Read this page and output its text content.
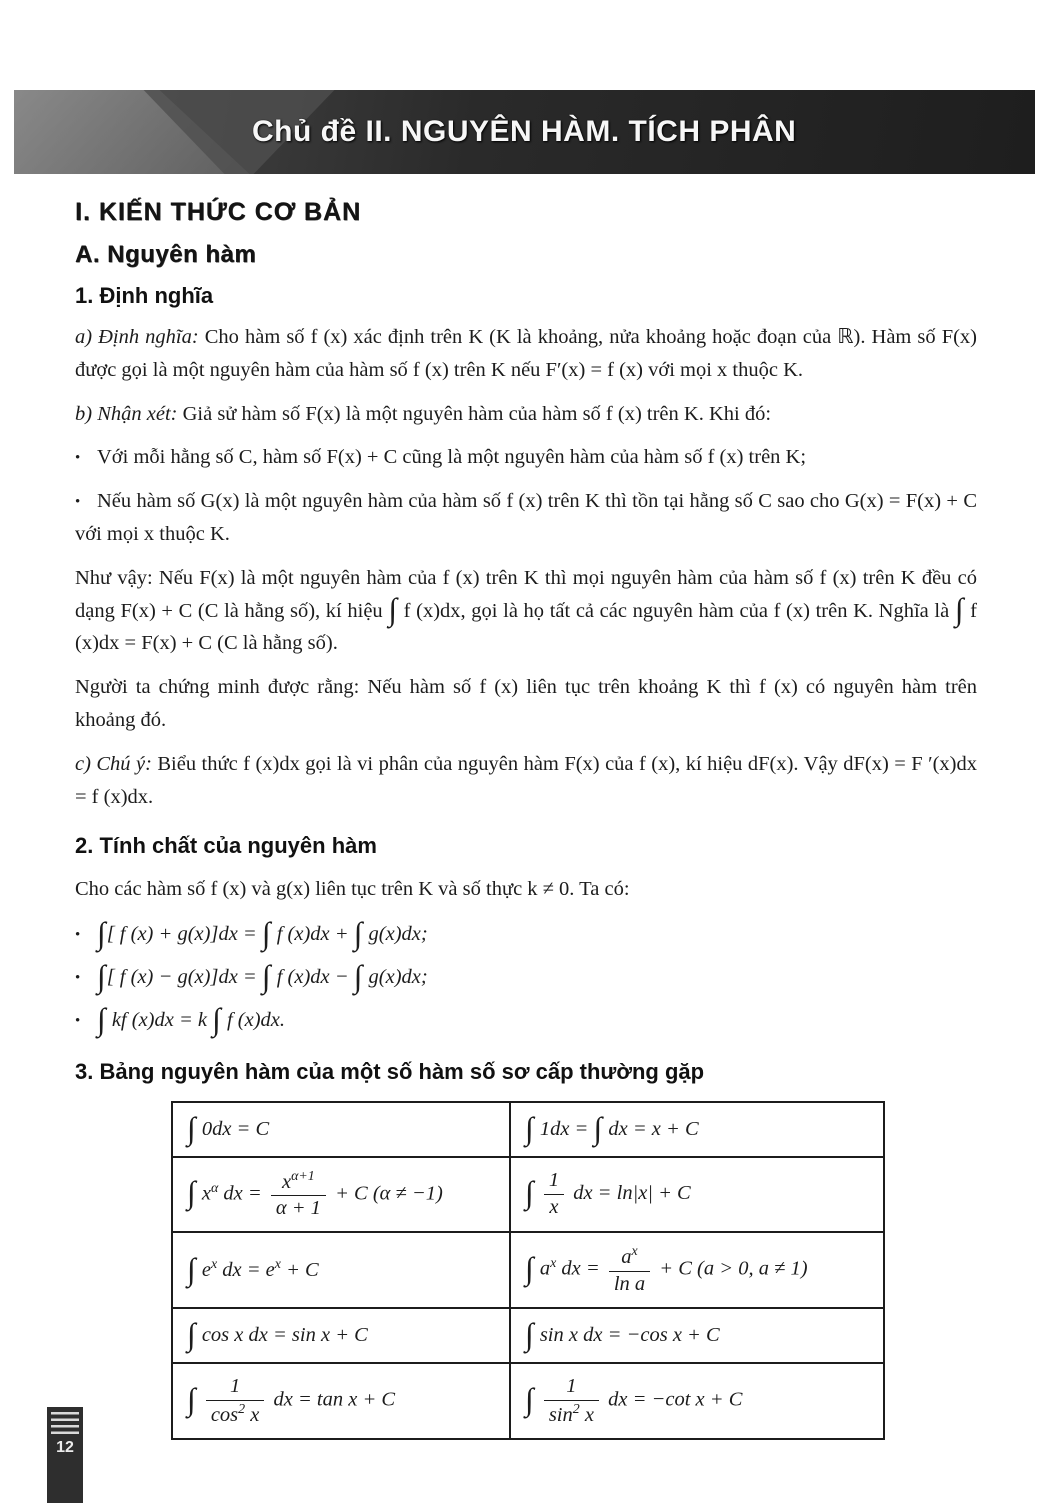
Chủ đề II. NGUYÊN HÀM. TÍCH PHÂN
I. KIẾN THỨC CƠ BẢN
A. Nguyên hàm
1. Định nghĩa

a) Định nghĩa: Cho hàm số f (x) xác định trên K (K là khoảng, nửa khoảng hoặc đoạn của ℝ). Hàm số F(x) được gọi là một nguyên hàm của hàm số f (x) trên K nếu F′(x) = f (x) với mọi x thuộc K.

b) Nhận xét: Giả sử hàm số F(x) là một nguyên hàm của hàm số f (x) trên K. Khi đó:

• Với mỗi hằng số C, hàm số F(x) + C cũng là một nguyên hàm của hàm số f (x) trên K;

• Nếu hàm số G(x) là một nguyên hàm của hàm số f (x) trên K thì tồn tại hằng số C sao cho G(x) = F(x) + C với mọi x thuộc K.

Như vậy: Nếu F(x) là một nguyên hàm của f (x) trên K thì mọi nguyên hàm của hàm số f (x) trên K đều có dạng F(x) + C (C là hằng số), kí hiệu ∫ f (x)dx, gọi là họ tất cả các nguyên hàm của f (x) trên K. Nghĩa là ∫ f (x)dx = F(x) + C (C là hằng số).

Người ta chứng minh được rằng: Nếu hàm số f (x) liên tục trên khoảng K thì f (x) có nguyên hàm trên khoảng đó.

c) Chú ý: Biểu thức f (x)dx gọi là vi phân của nguyên hàm F(x) của f (x), kí hiệu dF(x). Vậy dF(x) = F ′(x)dx = f (x)dx.

2. Tính chất của nguyên hàm

Cho các hàm số f (x) và g(x) liên tục trên K và số thực k ≠ 0. Ta có:

• ∫[ f (x) + g(x)]dx = ∫ f (x)dx + ∫ g(x)dx;
• ∫[ f (x) − g(x)]dx = ∫ f (x)dx − ∫ g(x)dx;
• ∫ kf (x)dx = k ∫ f (x)dx.
3. Bảng nguyên hàm của một số hàm số sơ cấp thường gặp
∫ 0dx = C	∫ 1dx = ∫ dx = x + C
∫ $x^\alpha$ dx = $\frac{x^{\alpha+1}}{\alpha + 1} + C$ (α ≠ −1)	∫ $\frac{1}{x}$ dx = ln|x| + C
∫ $e^x$ dx = $e^x + C$	∫ $a^x$ dx = $\frac{a^x}{\text{ln a}} + C$ (a > 0, a ≠ 1)
∫ cos x dx = sin x + C	∫ sin x dx = −cos x + C
∫ $\frac{1}{\cos^2 x}$ dx = tan x + C	∫ $\frac{1}{\sin^2 x}$ dx = −cot x + C
12
